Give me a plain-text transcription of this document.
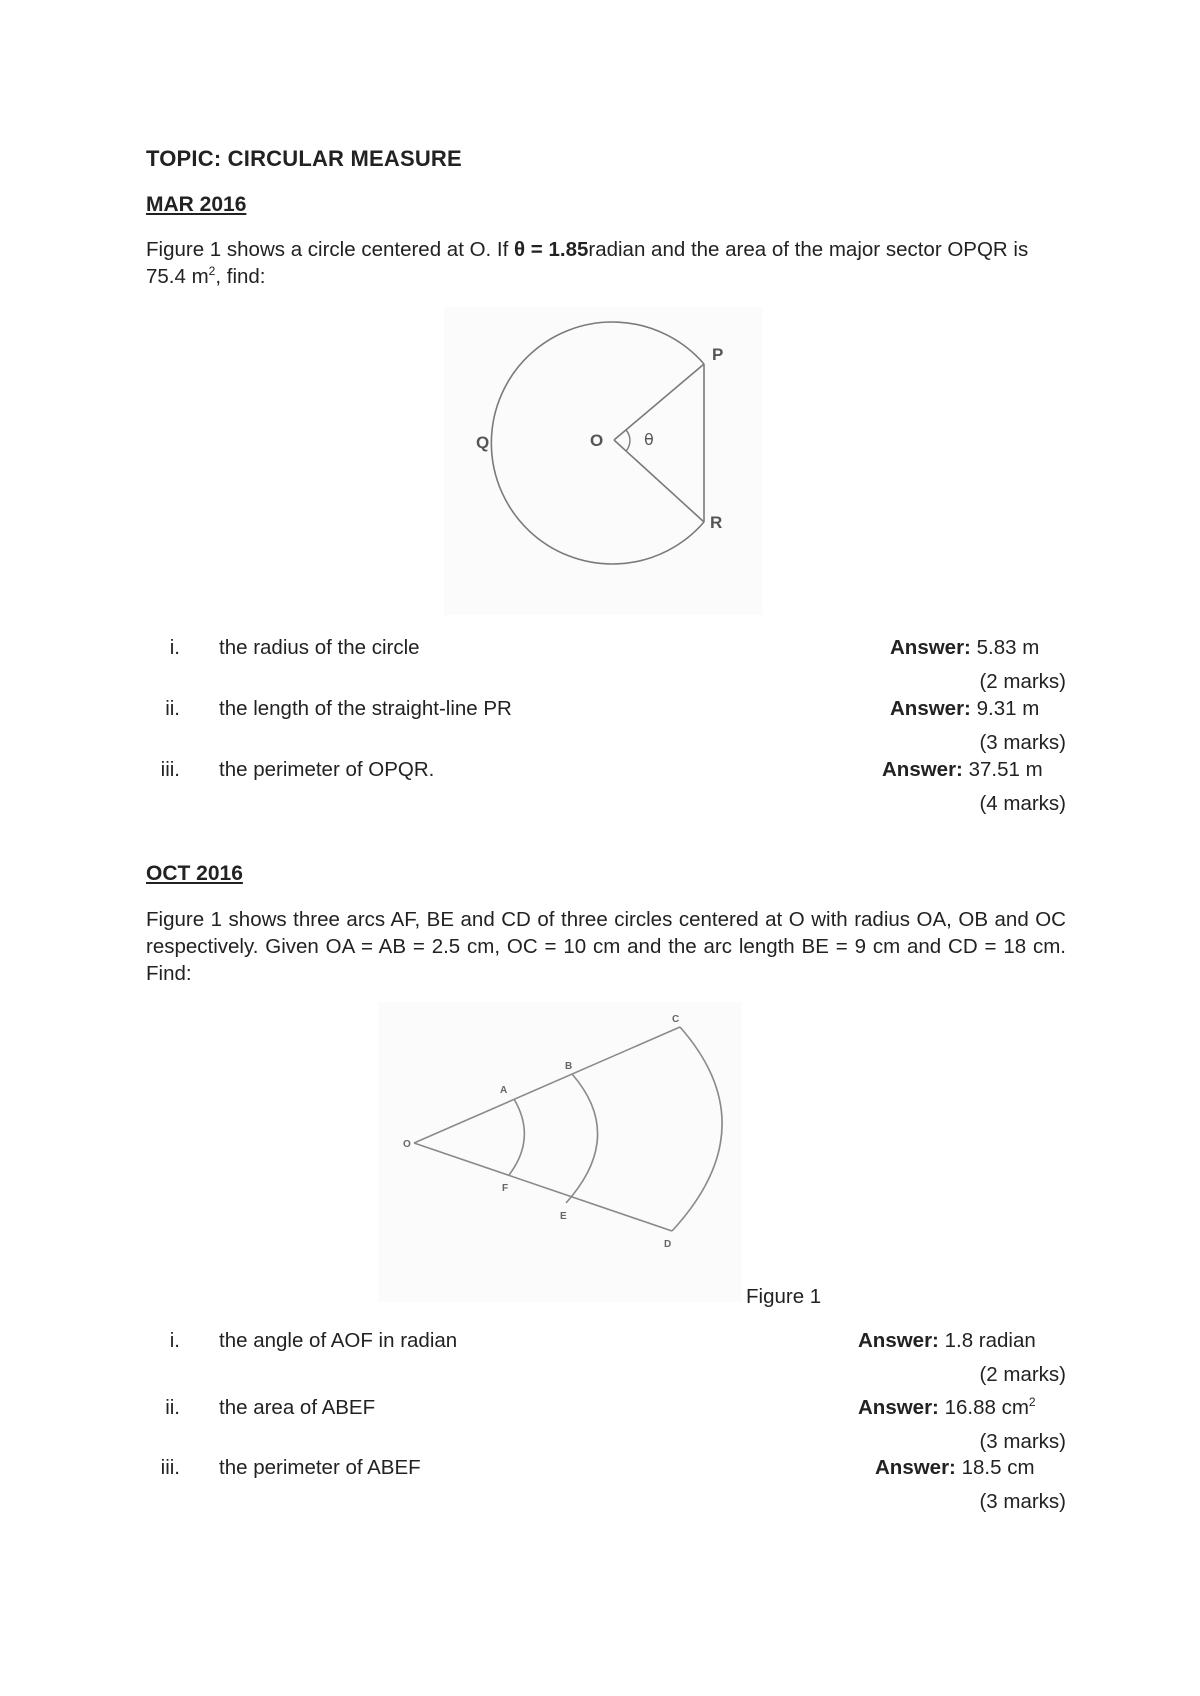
TOPIC: CIRCULAR MEASURE
MAR 2016
Figure 1 shows a circle centered at O. If θ = 1.85radian and the area of the major sector OPQR is 75.4 $m^2$, find:
P
Q	O
R
θ
i. the radius of the circle	Answer: 5.83 m
(2 marks)
ii. the length of the straight-line PR	Answer: 9.31 m
(3 marks)
iii. the perimeter of OPQR.	Answer: 37.51 m
(4 marks)
OCT 2016
Figure 1 shows three arcs AF, BE and CD of three circles centered at O with radius OA, OB and OC respectively. Given OA = AB = 2.5 cm, OC = 10 cm and the arc length BE = 9 cm and CD = 18 cm. Find:
O
A
B
C
F
E
D
Figure 1
i. the angle of AOF in radian	Answer: 1.8 radian
(2 marks)
ii. the area of ABEF	Answer: 16.88 $cm^2$
(3 marks)
iii. the perimeter of ABEF	Answer: 18.5 cm
(3 marks)
